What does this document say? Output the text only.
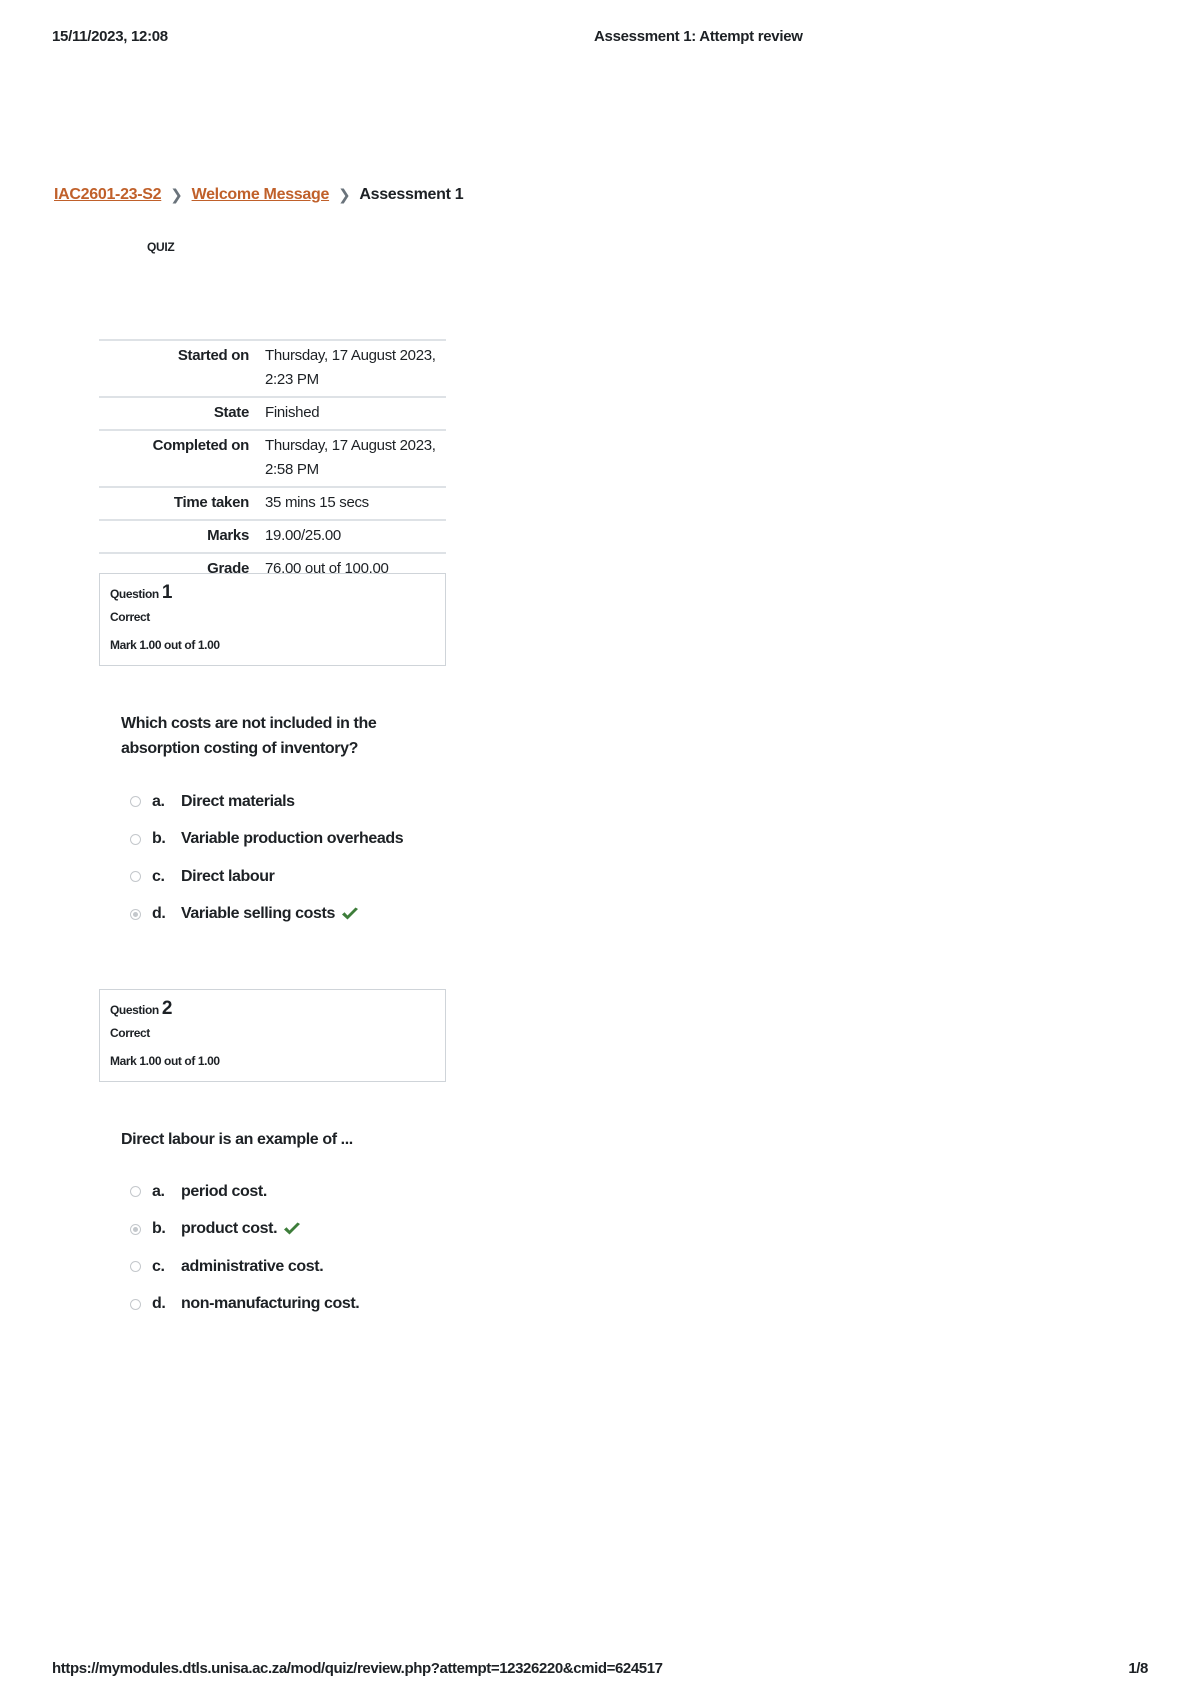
15/11/2023, 12:08	Assessment 1: Attempt review
IAC2601-23-S2 ❯ Welcome Message ❯ Assessment 1
QUIZ
Started on	Thursday, 17 August 2023, 2:23 PM
State	Finished
Completed on	Thursday, 17 August 2023, 2:58 PM
Time taken	35 mins 15 secs
Marks	19.00/25.00
Grade	76.00 out of 100.00
Question 1
Correct
Mark 1.00 out of 1.00
Which costs are not included in the absorption costing of inventory?
a.	Direct materials
b. Variable production overheads
c.	Direct labour
d. Variable selling costs
Question 2
Correct
Mark 1.00 out of 1.00
Direct labour is an example of ...
a.	period cost.
b. product cost.
c.	administrative cost.
d. non-manufacturing cost.
https://mymodules.dtls.unisa.ac.za/mod/quiz/review.php?attempt=12326220&cmid=624517	1/8
